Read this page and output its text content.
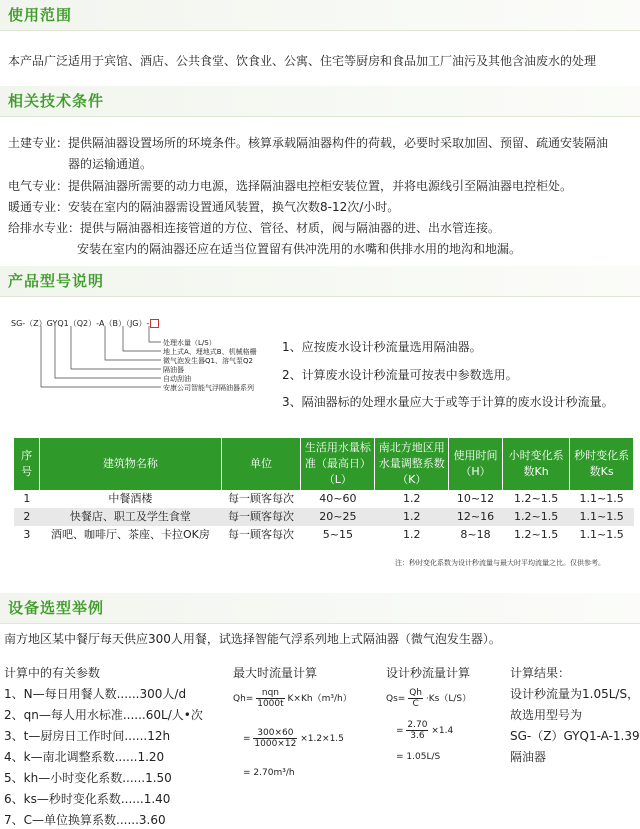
使用范围
本产品广泛适用于宾馆、酒店、公共食堂、饮食业、公寓、住宅等厨房和食品加工厂油污及其他含油废水的处理
相关技术条件
土建专业：提供隔油器设置场所的环境条件。核算承载隔油器构件的荷载，必要时采取加固、预留、疏通安装隔油
器的运输通道。
电气专业：提供隔油器所需要的动力电源，选择隔油器电控柜安装位置，并将电源线引至隔油器电控柜处。
暖通专业：安装在室内的隔油器需设置通风装置，换气次数8-12次/小时。
给排水专业：提供与隔油器相连接管道的方位、管径、材质，阀与隔油器的进、出水管连接。
安装在室内的隔油器还应在适当位置留有供冲洗用的水嘴和供排水用的地沟和地漏。
产品型号说明
SG-（Z）GYQ1（Q2）-A（B）（JG）-
处理水量（L/S）
地上式A、埋地式B、机械格栅
微气泡发生器Q1、溶气泵Q2
隔油器
自动刮油
安康公司智能气浮隔油器系列
1、应按废水设计秒流量选用隔油器。
2、计算废水设计秒流量可按表中参数选用。
3、隔油器标的处理水量应大于或等于计算的废水设计秒流量。
序号	建筑物名称	单位	生活用水量标准（最高日）（L）	南北方地区用水量调整系数（K）	使用时间（H）	小时变化系数Kh	秒时变化系数Ks
1	中餐酒楼	每一顾客每次	40~60	1.2	10~12	1.2~1.5	1.1~1.5
2	快餐店、职工及学生食堂	每一顾客每次	20~25	1.2	12~16	1.2~1.5	1.1~1.5
3	酒吧、咖啡厅、茶座、卡拉OK房	每一顾客每次	5~15	1.2	8~18	1.2~1.5	1.1~1.5
注：秒时变化系数为设计秒流量与最大时平均流量之比。仅供参考。
设备选型举例
南方地区某中餐厅每天供应300人用餐，试选择智能气浮系列地上式隔油器（微气泡发生器）。
计算中的有关参数
1、N—每日用餐人数......300人/d
2、qn—每人用水标准......60L/人•次
3、t—厨房日工作时间......12h
4、k—南北调整系数......1.20
5、kh—小时变化系数......1.50
6、ks—秒时变化系数......1.40
7、C—单位换算系数......3.60
最大时流量计算
$Qh= \frac{\text{nqn}}{1000t} K\times Kh(m^3/h)$
= $\frac{300\times 60}{1000\times 12} \times 1.2\times 1.5$
= 2.70m³/h
设计秒流量计算
$Qs= \frac{Qh}{C} \cdot Ks(L/S)$
= $\frac{2.70}{3.6} \times 1.4$
= 1.05L/S
计算结果：
设计秒流量为1.05L/S，
故选用型号为
SG-（Z）GYQ1-A-1.39
隔油器
